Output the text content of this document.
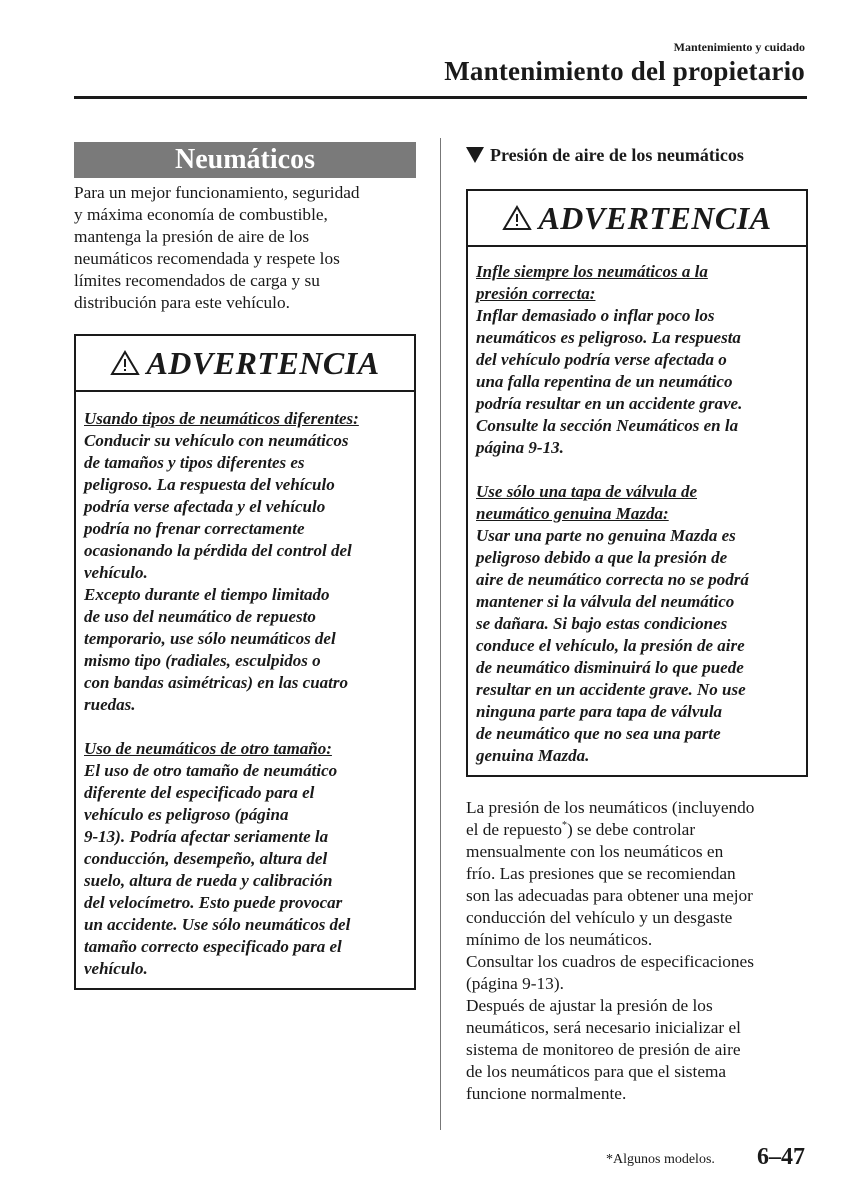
Mantenimiento y cuidado
Mantenimiento del propietario
Neumáticos

Para un mejor funcionamiento, seguridad

y máxima economía de combustible,

mantenga la presión de aire de los

neumáticos recomendada y respete los

límites recomendados de carga y su

distribución para este vehículo.

ADVERTENCIA

Usando tipos de neumáticos diferentes:

Conducir su vehículo con neumáticos

de tamaños y tipos diferentes es

peligroso. La respuesta del vehículo

podría verse afectada y el vehículo

podría no frenar correctamente

ocasionando la pérdida del control del

vehículo.

Excepto durante el tiempo limitado

de uso del neumático de repuesto

temporario, use sólo neumáticos del

mismo tipo (radiales, esculpidos o

con bandas asimétricas) en las cuatro

ruedas.

Uso de neumáticos de otro tamaño:

El uso de otro tamaño de neumático

diferente del especificado para el

vehículo es peligroso (página

9-13). Podría afectar seriamente la

conducción, desempeño, altura del

suelo, altura de rueda y calibración

del velocímetro. Esto puede provocar

un accidente. Use sólo neumáticos del

tamaño correcto especificado para el

vehículo.

Presión de aire de los neumáticos
ADVERTENCIA

Infle siempre los neumáticos a la

presión correcta:

Inflar demasiado o inflar poco los

neumáticos es peligroso. La respuesta

del vehículo podría verse afectada o

una falla repentina de un neumático

podría resultar en un accidente grave.

Consulte la sección Neumáticos en la

página 9-13.

Use sólo una tapa de válvula de

neumático genuina Mazda:

Usar una parte no genuina Mazda es

peligroso debido a que la presión de

aire de neumático correcta no se podrá

mantener si la válvula del neumático

se dañara. Si bajo estas condiciones

conduce el vehículo, la presión de aire

de neumático disminuirá lo que puede

resultar en un accidente grave. No use

ninguna parte para tapa de válvula

de neumático que no sea una parte

genuina Mazda.

La presión de los neumáticos (incluyendo

el de repuesto*) se debe controlar

mensualmente con los neumáticos en

frío. Las presiones que se recomiendan

son las adecuadas para obtener una mejor

conducción del vehículo y un desgaste

mínimo de los neumáticos.

Consultar los cuadros de especificaciones

(página 9-13).

Después de ajustar la presión de los

neumáticos, será necesario inicializar el

sistema de monitoreo de presión de aire

de los neumáticos para que el sistema

funcione normalmente.

*Algunos modelos. 6–47
